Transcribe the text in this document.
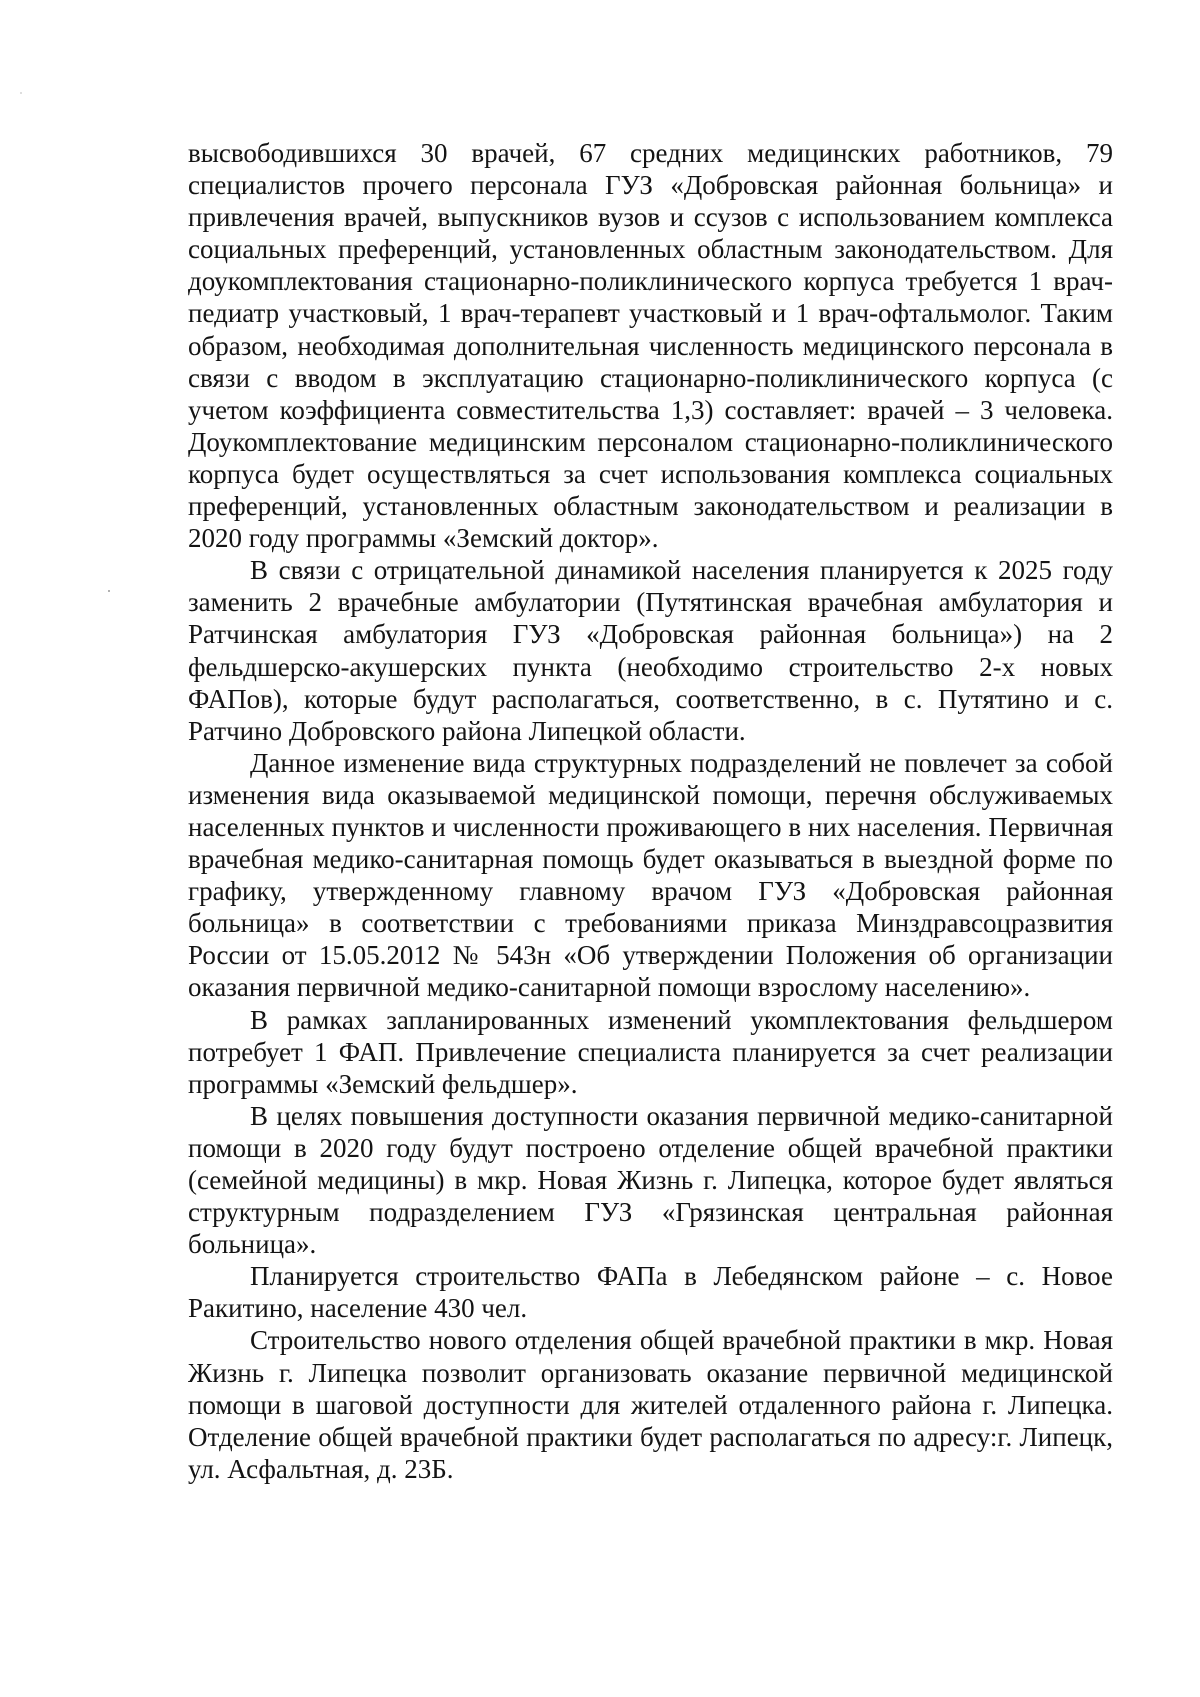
высвободившихся 30 врачей, 67 средних медицинских работников, 79 специалистов прочего персонала ГУЗ «Добровская районная больница» и привлечения врачей, выпускников вузов и ссузов с использованием комплекса социальных преференций, установленных областным законодательством. Для доукомплектования стационарно-поликлинического корпуса требуется 1 врач-педиатр участковый, 1 врач-терапевт участковый и 1 врач-офтальмолог. Таким образом, необходимая дополнительная численность медицинского персонала в связи с вводом в эксплуатацию стационарно-поликлинического корпуса (с учетом коэффициента совместительства 1,3) составляет: врачей – 3 человека. Доукомплектование медицинским персоналом стационарно-поликлинического корпуса будет осуществляться за счет использования комплекса социальных преференций, установленных областным законодательством и реализации в 2020 году программы «Земский доктор».

В связи с отрицательной динамикой населения планируется к 2025 году заменить 2 врачебные амбулатории (Путятинская врачебная амбулатория и Ратчинская амбулатория ГУЗ «Добровская районная больница») на 2 фельдшерско-акушерских пункта (необходимо строительство 2-х новых ФАПов), которые будут располагаться, соответственно, в с. Путятино и с. Ратчино Добровского района Липецкой области.

Данное изменение вида структурных подразделений не повлечет за собой изменения вида оказываемой медицинской помощи, перечня обслуживаемых населенных пунктов и численности проживающего в них населения. Первичная врачебная медико-санитарная помощь будет оказываться в выездной форме по графику, утвержденному главному врачом ГУЗ «Добровская районная больница» в соответствии с требованиями приказа Минздравсоцразвития России от 15.05.2012 № 543н «Об утверждении Положения об организации оказания первичной медико-санитарной помощи взрослому населению».

В рамках запланированных изменений укомплектования фельдшером потребует 1 ФАП. Привлечение специалиста планируется за счет реализации программы «Земский фельдшер».

В целях повышения доступности оказания первичной медико-санитарной помощи в 2020 году будут построено отделение общей врачебной практики (семейной медицины) в мкр. Новая Жизнь г. Липецка, которое будет являться структурным подразделением ГУЗ «Грязинская центральная районная больница».

Планируется строительство ФАПа в Лебедянском районе – с. Новое Ракитино, население 430 чел.

Строительство нового отделения общей врачебной практики в мкр. Новая Жизнь г. Липецка позволит организовать оказание первичной медицинской помощи в шаговой доступности для жителей отдаленного района г. Липецка. Отделение общей врачебной практики будет располагаться по адресу:г. Липецк, ул. Асфальтная, д. 23Б.
